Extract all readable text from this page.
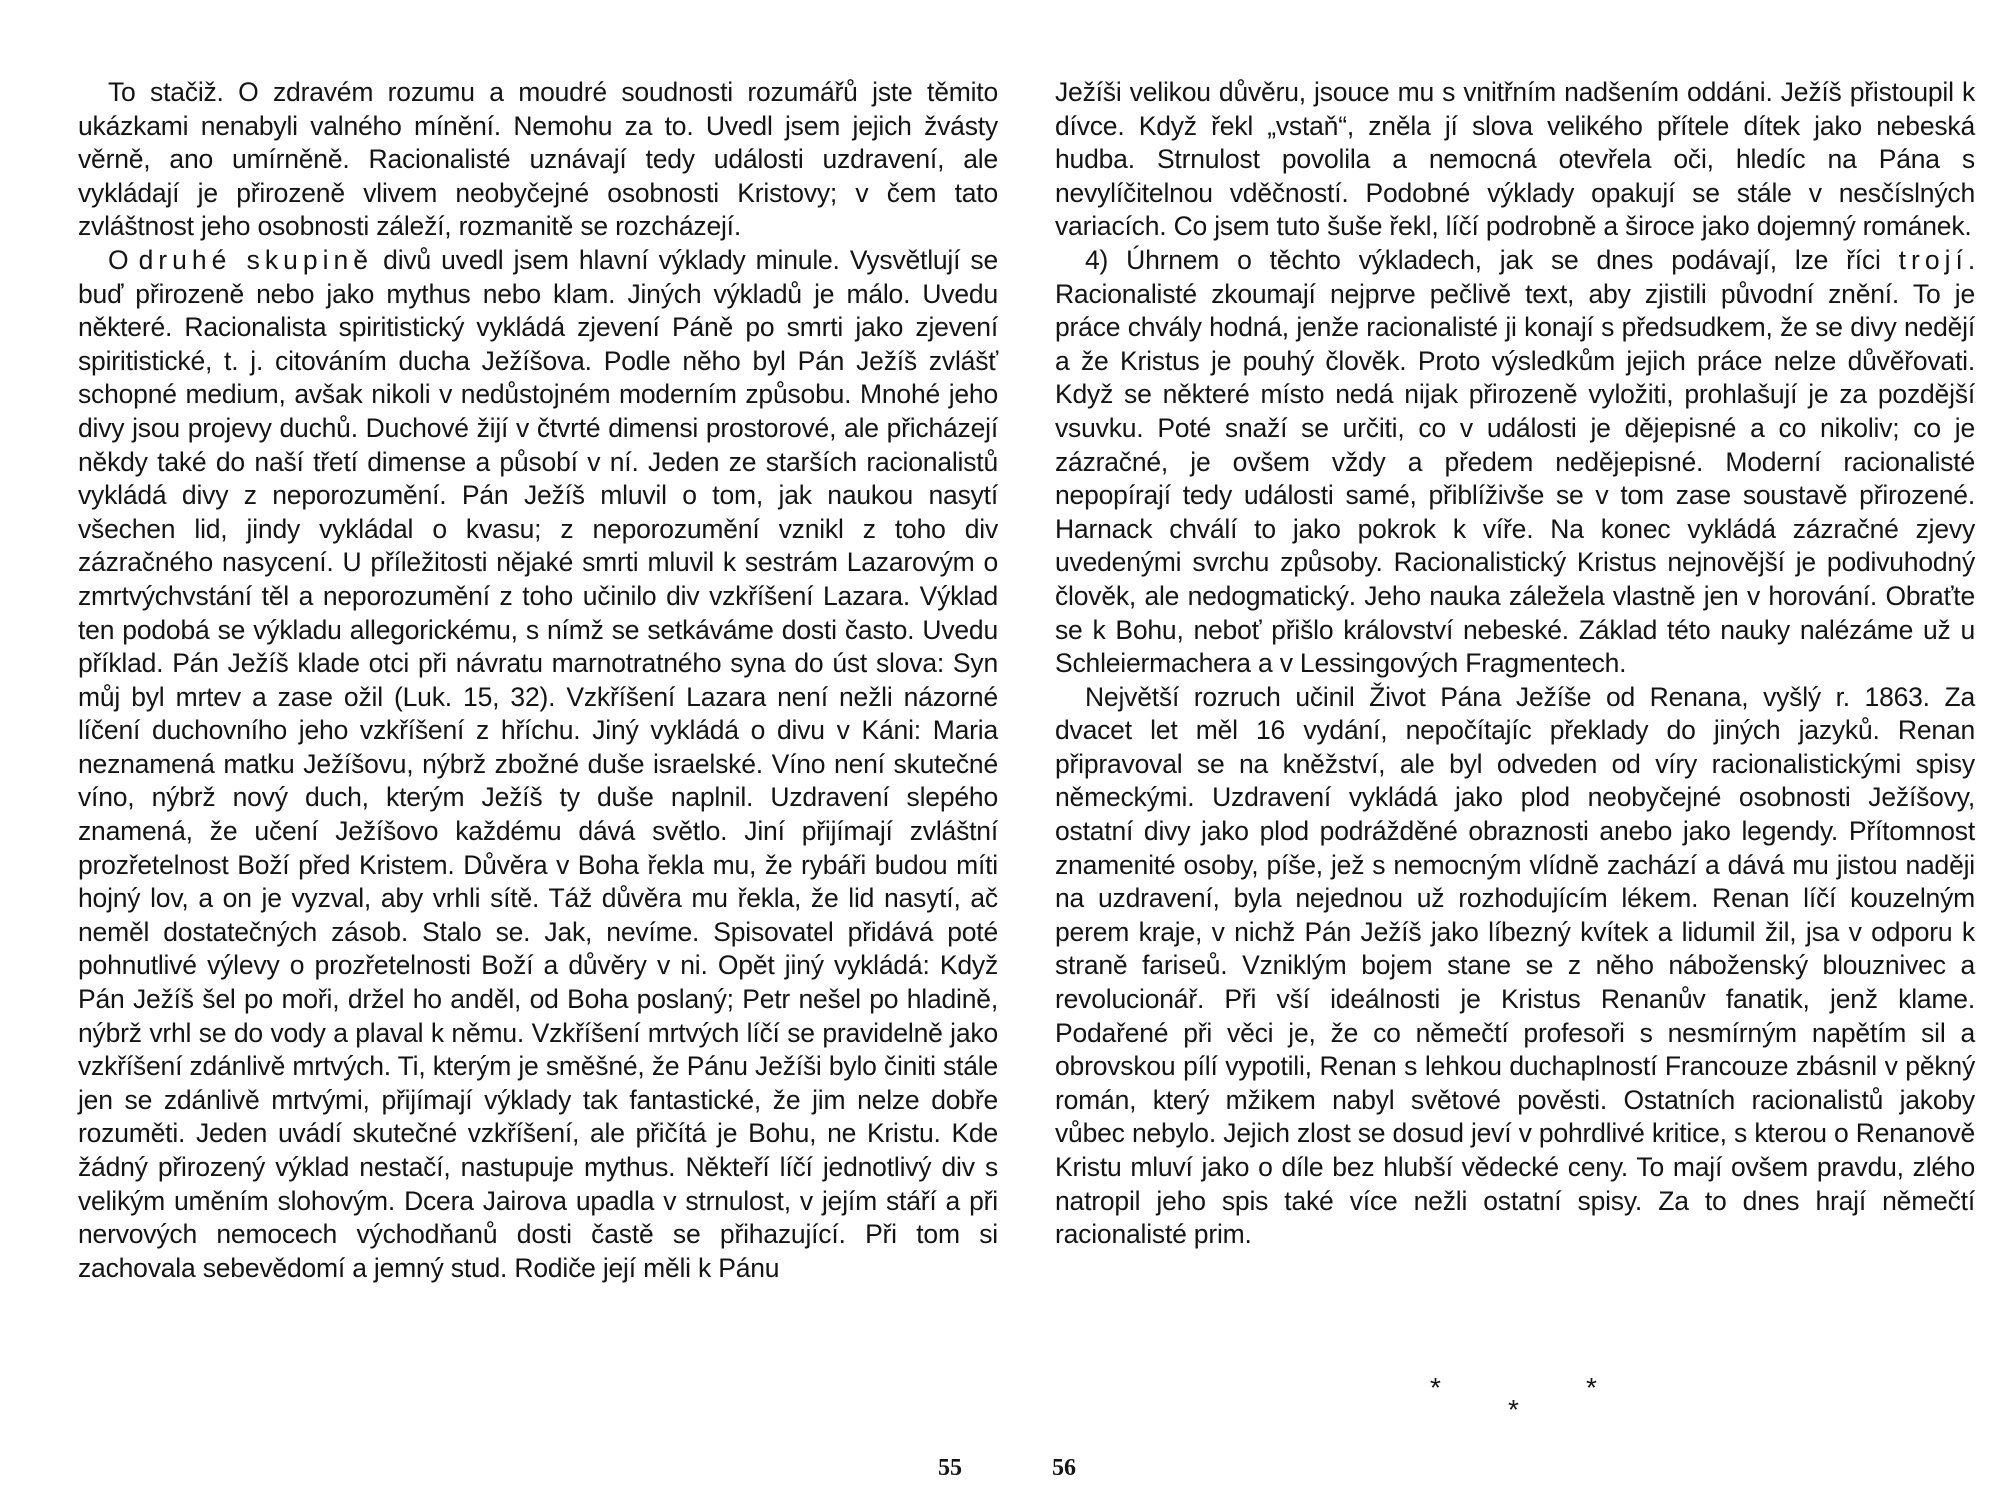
To stačiž. O zdravém rozumu a moudré soudnosti rozumářů jste těmito ukázkami nenabyli valného mínění. Nemohu za to. Uvedl jsem jejich žvásty věrně, ano umírněně. Racionalisté uznávají tedy události uzdravení, ale vykládají je přirozeně vlivem neobyčejné osobnosti Kristovy; v čem tato zvláštnost jeho osobnosti záleží, rozmanitě se rozcházejí.

O druhé skupině divů uvedl jsem hlavní výklady minule. Vysvětlují se buď přirozeně nebo jako mythus nebo klam. Jiných výkladů je málo. Uvedu některé. Racionalista spiritistický vykládá zjevení Páně po smrti jako zjevení spiritistické, t. j. citováním ducha Ježíšova. Podle něho byl Pán Ježíš zvlášť schopné medium, avšak nikoli v nedůstojném moderním způsobu. Mnohé jeho divy jsou projevy duchů. Duchové žijí v čtvrté dimensi prostorové, ale přicházejí někdy také do naší třetí dimense a působí v ní. Jeden ze starších racionalistů vykládá divy z neporozumění. Pán Ježíš mluvil o tom, jak naukou nasytí všechen lid, jindy vykládal o kvasu; z neporozumění vznikl z toho div zázračného nasycení. U příležitosti nějaké smrti mluvil k sestrám Lazarovým o zmrtvýchvstání těl a neporozumění z toho učinilo div vzkříšení Lazara. Výklad ten podobá se výkladu allegorickému, s nímž se setkáváme dosti často. Uvedu příklad. Pán Ježíš klade otci při návratu marnotratného syna do úst slova: Syn můj byl mrtev a zase ožil (Luk. 15, 32). Vzkříšení Lazara není nežli názorné líčení duchovního jeho vzkříšení z hříchu. Jiný vykládá o divu v Káni: Maria neznamená matku Ježíšovu, nýbrž zbožné duše israelské. Víno není skutečné víno, nýbrž nový duch, kterým Ježíš ty duše naplnil. Uzdravení slepého znamená, že učení Ježíšovo každému dává světlo. Jiní přijímají zvláštní prozřetelnost Boží před Kristem. Důvěra v Boha řekla mu, že rybáři budou míti hojný lov, a on je vyzval, aby vrhli sítě. Táž důvěra mu řekla, že lid nasytí, ač neměl dostatečných zásob. Stalo se. Jak, nevíme. Spisovatel přidává poté pohnutlivé výlevy o prozřetelnosti Boží a důvěry v ni. Opět jiný vykládá: Když Pán Ježíš šel po moři, držel ho anděl, od Boha poslaný; Petr nešel po hladině, nýbrž vrhl se do vody a plaval k němu. Vzkříšení mrtvých líčí se pravidelně jako vzkříšení zdánlivě mrtvých. Ti, kterým je směšné, že Pánu Ježíši bylo činiti stále jen se zdánlivě mrtvými, přijímají výklady tak fantastické, že jim nelze dobře rozuměti. Jeden uvádí skutečné vzkříšení, ale přičítá je Bohu, ne Kristu. Kde žádný přirozený výklad nestačí, nastupuje mythus. Někteří líčí jednotlivý div s velikým uměním slohovým. Dcera Jairova upadla v strnulost, v jejím stáří a při nervových nemocech východňanů dosti častě se přihazující. Při tom si zachovala sebevědomí a jemný stud. Rodiče její měli k Pánu

Ježíši velikou důvěru, jsouce mu s vnitřním nadšením oddáni. Ježíš přistoupil k dívce. Když řekl „vstaň“, zněla jí slova velikého přítele dítek jako nebeská hudba. Strnulost povolila a nemocná otevřela oči, hledíc na Pána s nevylíčitelnou vděčností. Podobné výklady opakují se stále v nesčíslných variacích. Co jsem tuto šuše řekl, líčí podrobně a široce jako dojemný románek.

4) Úhrnem o těchto výkladech, jak se dnes podávají, lze říci trojí. Racionalisté zkoumají nejprve pečlivě text, aby zjistili původní znění. To je práce chvály hodná, jenže racionalisté ji konají s předsudkem, že se divy nedějí a že Kristus je pouhý člověk. Proto výsledkům jejich práce nelze důvěřovati. Když se některé místo nedá nijak přirozeně vyložiti, prohlašují je za pozdější vsuvku. Poté snaží se určiti, co v události je dějepisné a co nikoliv; co je zázračné, je ovšem vždy a předem nedějepisné. Moderní racionalisté nepopírají tedy události samé, přiblíživše se v tom zase soustavě přirozené. Harnack chválí to jako pokrok k víře. Na konec vykládá zázračné zjevy uvedenými svrchu způsoby. Racionalistický Kristus nejnovější je podivuhodný člověk, ale nedogmatický. Jeho nauka záležela vlastně jen v horování. Obraťte se k Bohu, neboť přišlo království nebeské. Základ této nauky nalézáme už u Schleiermachera a v Lessingových Fragmentech.

Největší rozruch učinil Život Pána Ježíše od Renana, vyšlý r. 1863. Za dvacet let měl 16 vydání, nepočítajíc překlady do jiných jazyků. Renan připravoval se na kněžství, ale byl odveden od víry racionalistickými spisy německými. Uzdravení vykládá jako plod neobyčejné osobnosti Ježíšovy, ostatní divy jako plod podrážděné obraznosti anebo jako legendy. Přítomnost znamenité osoby, píše, jež s nemocným vlídně zachází a dává mu jistou naději na uzdravení, byla nejednou už rozhodujícím lékem. Renan líčí kouzelným perem kraje, v nichž Pán Ježíš jako líbezný kvítek a lidumil žil, jsa v odporu k straně fariseů. Vzniklým bojem stane se z něho náboženský blouznivec a revolucionář. Při vší ideálnosti je Kristus Renanův fanatik, jenž klame. Podařené při věci je, že co němečtí profesoři s nesmírným napětím sil a obrovskou pílí vypotili, Renan s lehkou duchaplností Francouze zbásnil v pěkný román, který mžikem nabyl světové pověsti. Ostatních racionalistů jakoby vůbec nebylo. Jejich zlost se dosud jeví v pohrdlivé kritice, s kterou o Renanově Kristu mluví jako o díle bez hlubší vědecké ceny. To mají ovšem pravdu, zlého natropil jeho spis také více nežli ostatní spisy. Za to dnes hrají němečtí racionalisté prim.

*
*
*
55	56
